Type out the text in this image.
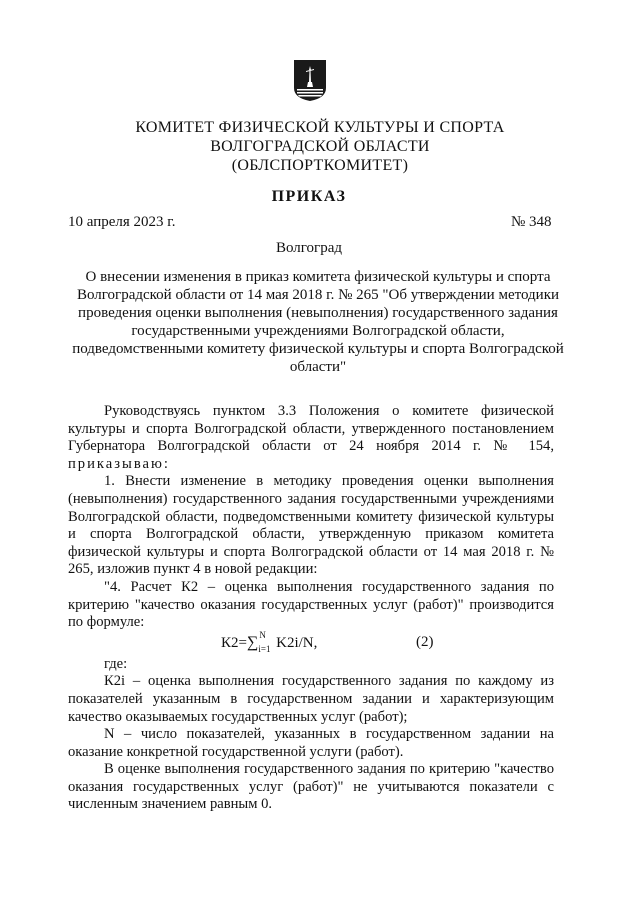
КОМИТЕТ ФИЗИЧЕСКОЙ КУЛЬТУРЫ И СПОРТА
ВОЛГОГРАДСКОЙ ОБЛАСТИ
(ОБЛСПОРТКОМИТЕТ)
ПРИКАЗ
10 апреля 2023 г.	№ 348
Волгоград
О внесении изменения в приказ комитета физической культуры и спорта Волгоградской области от 14 мая 2018 г. № 265 "Об утверждении методики проведения оценки выполнения (невыполнения) государственного задания государственными учреждениями Волгоградской области, подведомственными комитету физической культуры и спорта Волгоградской области"

Руководствуясь пунктом 3.3 Положения о комитете физической культуры и спорта Волгоградской области, утвержденного постановлением Губернатора Волгоградской области от 24 ноября 2014 г. № 154, приказываю:

1. Внести изменение в методику проведения оценки выполнения (невыполнения) государственного задания государственными учреждениями Волгоградской области, подведомственными комитету физической культуры и спорта Волгоградской области, утвержденную приказом комитета физической культуры и спорта Волгоградской области от 14 мая 2018 г. № 265, изложив пункт 4 в новой редакции:

"4. Расчет К2 – оценка выполнения государственного задания по критерию "качество оказания государственных услуг (работ)" производится по формуле:

К2=∑ N
i=1 K2i/N,	(2)

где:

К2i – оценка выполнения государственного задания по каждому из показателей указанным в государственном задании и характеризующим качество оказываемых государственных услуг (работ);

N – число показателей, указанных в государственном задании на оказание конкретной государственной услуги (работ).

В оценке выполнения государственного задания по критерию "качество оказания государственных услуг (работ)" не учитываются показатели с численным значением равным 0.
